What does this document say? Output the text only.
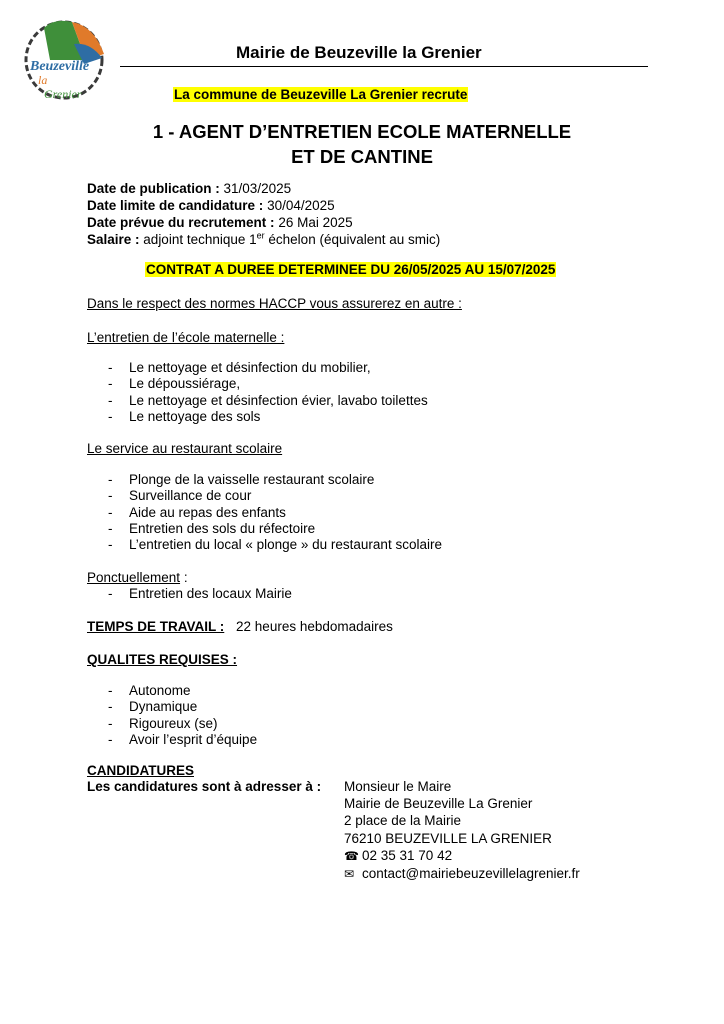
Beuzeville
la
Grenier
Mairie de Beuzeville la Grenier
La commune de Beuzeville La Grenier recrute
1 - AGENT D’ENTRETIEN ECOLE MATERNELLE
ET DE CANTINE
Date de publication : 31/03/2025
Date limite de candidature : 30/04/2025
Date prévue du recrutement : 26 Mai 2025
Salaire : adjoint technique 1er échelon (équivalent au smic)
CONTRAT A DUREE DETERMINEE DU 26/05/2025 AU 15/07/2025
Dans le respect des normes HACCP vous assurerez en autre :
L’entretien de l’école maternelle :
- Le nettoyage et désinfection du mobilier,
- Le dépoussiérage,
- Le nettoyage et désinfection évier, lavabo toilettes
- Le nettoyage des sols
Le service au restaurant scolaire
- Plonge de la vaisselle restaurant scolaire
- Surveillance de cour
- Aide au repas des enfants
- Entretien des sols du réfectoire
- L’entretien du local « plonge » du restaurant scolaire
Ponctuellement :
- Entretien des locaux Mairie
TEMPS DE TRAVAIL : 22 heures hebdomadaires
QUALITES REQUISES :
- Autonome
- Dynamique
- Rigoureux (se)
- Avoir l’esprit d’équipe
CANDIDATURES
Les candidatures sont à adresser à : Monsieur le Maire
Mairie de Beuzeville La Grenier
2 place de la Mairie
76210 BEUZEVILLE LA GRENIER
☎ 02 35 31 70 42
✉ contact@mairiebeuzevillelagrenier.fr
